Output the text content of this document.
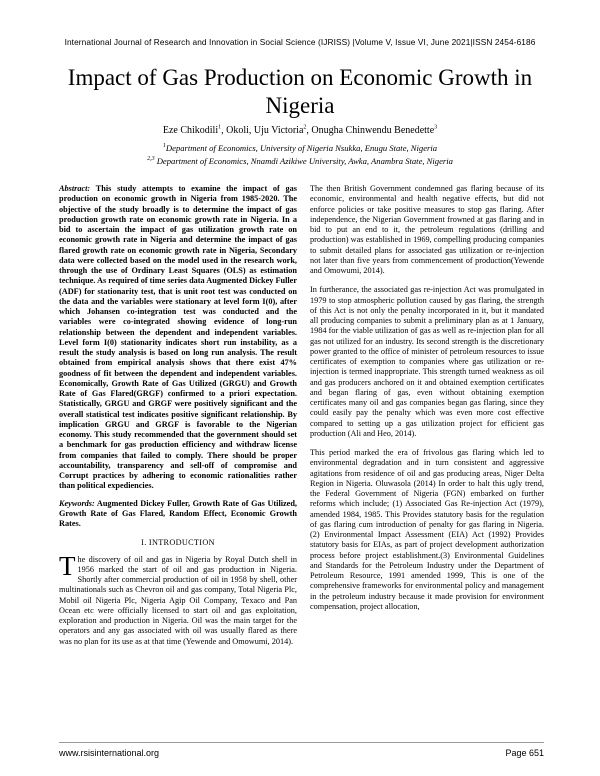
International Journal of Research and Innovation in Social Science (IJRISS) |Volume V, Issue VI, June 2021|ISSN 2454-6186
Impact of Gas Production on Economic Growth in Nigeria
Eze Chikodili$^1$, Okoli, Uju Victoria$^2$, Onugha Chinwendu Benedette$^3$
$^1$Department of Economics, University of Nigeria Nsukka, Enugu State, Nigeria
$^{2,3}$ Department of Economics, Nnamdi Azikiwe University, Awka, Anambra State, Nigeria

Abstract: This study attempts to examine the impact of gas production on economic growth in Nigeria from 1985-2020. The objective of the study broadly is to determine the impact of gas production growth rate on economic growth rate in Nigeria. In a bid to ascertain the impact of gas utilization growth rate on economic growth rate in Nigeria and determine the impact of gas flared growth rate on economic growth rate in Nigeria, Secondary data were collected based on the model used in the research work, through the use of Ordinary Least Squares (OLS) as estimation technique. As required of time series data Augmented Dickey Fuller (ADF) for stationarity test, that is unit root test was conducted on the data and the variables were stationary at level form I(0), after which Johansen co-integration test was conducted and the variables were co-integrated showing evidence of long-run relationship between the dependent and independent variables. Level form I(0) stationarity indicates short run instability, as a result the study analysis is based on long run analysis. The result obtained from empirical analysis shows that there exist 47% goodness of fit between the dependent and independent variables. Economically, Growth Rate of Gas Utilized (GRGU) and Growth Rate of Gas Flared(GRGF) confirmed to a priori expectation. Statistically, GRGU and GRGF were positively significant and the overall statistical test indicates positive significant relationship. By implication GRGU and GRGF is favorable to the Nigerian economy. This study recommended that the government should set a benchmark for gas production efficiency and withdraw license from companies that failed to comply. There should be proper accountability, transparency and sell-off of compromise and Corrupt practices by adhering to economic rationalities rather than political expediencies.

Keywords: Augmented Dickey Fuller, Growth Rate of Gas Utilized, Growth Rate of Gas Flared, Random Effect, Economic Growth Rates.

I. INTRODUCTION

The discovery of oil and gas in Nigeria by Royal Dutch shell in 1956 marked the start of oil and gas production in Nigeria. Shortly after commercial production of oil in 1958 by shell, other multinationals such as Chevron oil and gas company, Total Nigeria Plc, Mobil oil Nigeria Plc, Nigeria Agip Oil Company, Texaco and Pan Ocean etc were officially licensed to start oil and gas exploitation, exploration and production in Nigeria. Oil was the main target for the operators and any gas associated with oil was usually flared as there was no plan for its use as at that time (Yewende and Omowumi, 2014).

The then British Government condemned gas flaring because of its economic, environmental and health negative effects, but did not enforce policies or take positive measures to stop gas flaring. After independence, the Nigerian Government frowned at gas flaring and in bid to put an end to it, the petroleum regulations (drilling and production) was established in 1969, compelling producing companies to submit detailed plans for associated gas utilization or re-injection not later than five years from commencement of production(Yewende and Omowumi, 2014).

In furtherance, the associated gas re-injection Act was promulgated in 1979 to stop atmospheric pollution caused by gas flaring, the strength of this Act is not only the penalty incorporated in it, but it mandated all producing companies to submit a preliminary plan as at 1 January, 1984 for the viable utilization of gas as well as re-injection plan for all gas not utilized for an industry. Its second strength is the discretionary power granted to the office of minister of petroleum resources to issue certificates of exemption to companies where gas utilization or re-injection is termed inappropriate. This strength turned weakness as oil and gas producers anchored on it and obtained exemption certificates and began flaring of gas, even without obtaining exemption certificates many oil and gas companies began gas flaring, since they could easily pay the penalty which was even more cost effective compared to setting up a gas utilization project for efficient gas production (Ali and Heo, 2014).

This period marked the era of frivolous gas flaring which led to environmental degradation and in turn consistent and aggressive agitations from residence of oil and gas producing areas, Niger Delta Region in Nigeria. Oluwasola (2014) In order to halt this ugly trend, the Federal Government of Nigeria (FGN) embarked on further reforms which include; (1) Associated Gas Re-injection Act (1979), amended 1984, 1985. This Provides statutory basis for the regulation of gas flaring cum introduction of penalty for gas flaring in Nigeria. (2) Environmental Impact Assessment (EIA) Act (1992) Provides statutory basis for EIAs, as part of project development authorization process before project establishment.(3) Environmental Guidelines and Standards for the Petroleum Industry under the Department of Petroleum Resource, 1991 amended 1999, This is one of the comprehensive frameworks for environmental policy and management in the petroleum industry because it made provision for environment compensation, project allocation,

www.rsisinternational.org	Page 651
